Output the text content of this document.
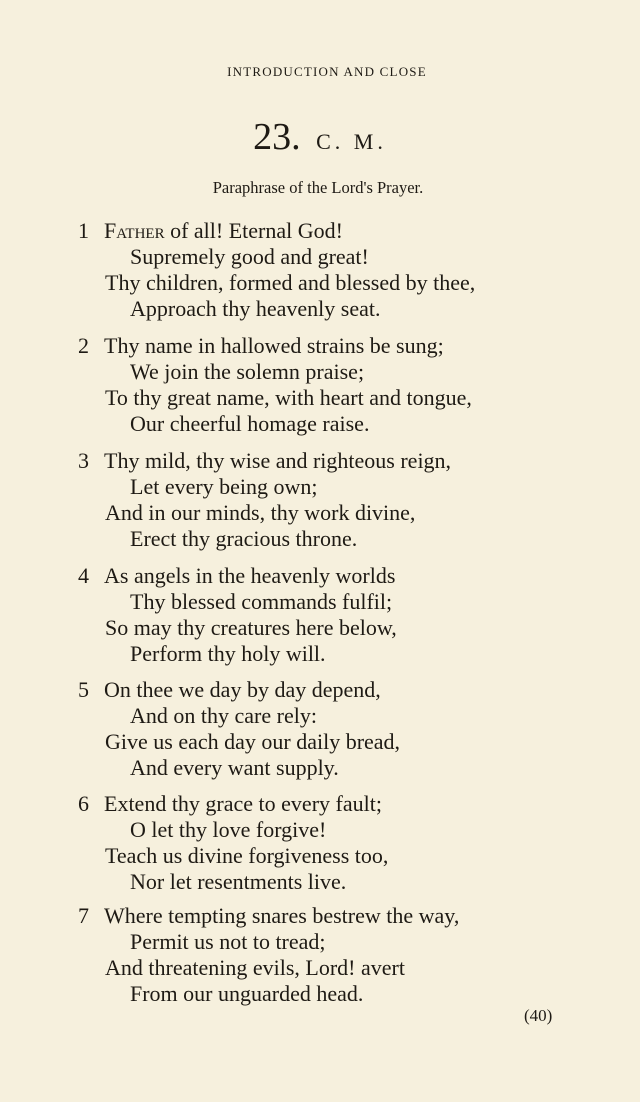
INTRODUCTION AND CLOSE
23. C. M.
Paraphrase of the Lord's Prayer.
1 Father of all! Eternal God!
Supremely good and great!
Thy children, formed and blessed by thee,
Approach thy heavenly seat.
2 Thy name in hallowed strains be sung;
We join the solemn praise;
To thy great name, with heart and tongue,
Our cheerful homage raise.
3 Thy mild, thy wise and righteous reign,
Let every being own;
And in our minds, thy work divine,
Erect thy gracious throne.
4 As angels in the heavenly worlds
Thy blessed commands fulfil;
So may thy creatures here below,
Perform thy holy will.
5 On thee we day by day depend,
And on thy care rely:
Give us each day our daily bread,
And every want supply.
6 Extend thy grace to every fault;
O let thy love forgive!
Teach us divine forgiveness too,
Nor let resentments live.
7 Where tempting snares bestrew the way,
Permit us not to tread;
And threatening evils, Lord! avert
From our unguarded head.
(40)
